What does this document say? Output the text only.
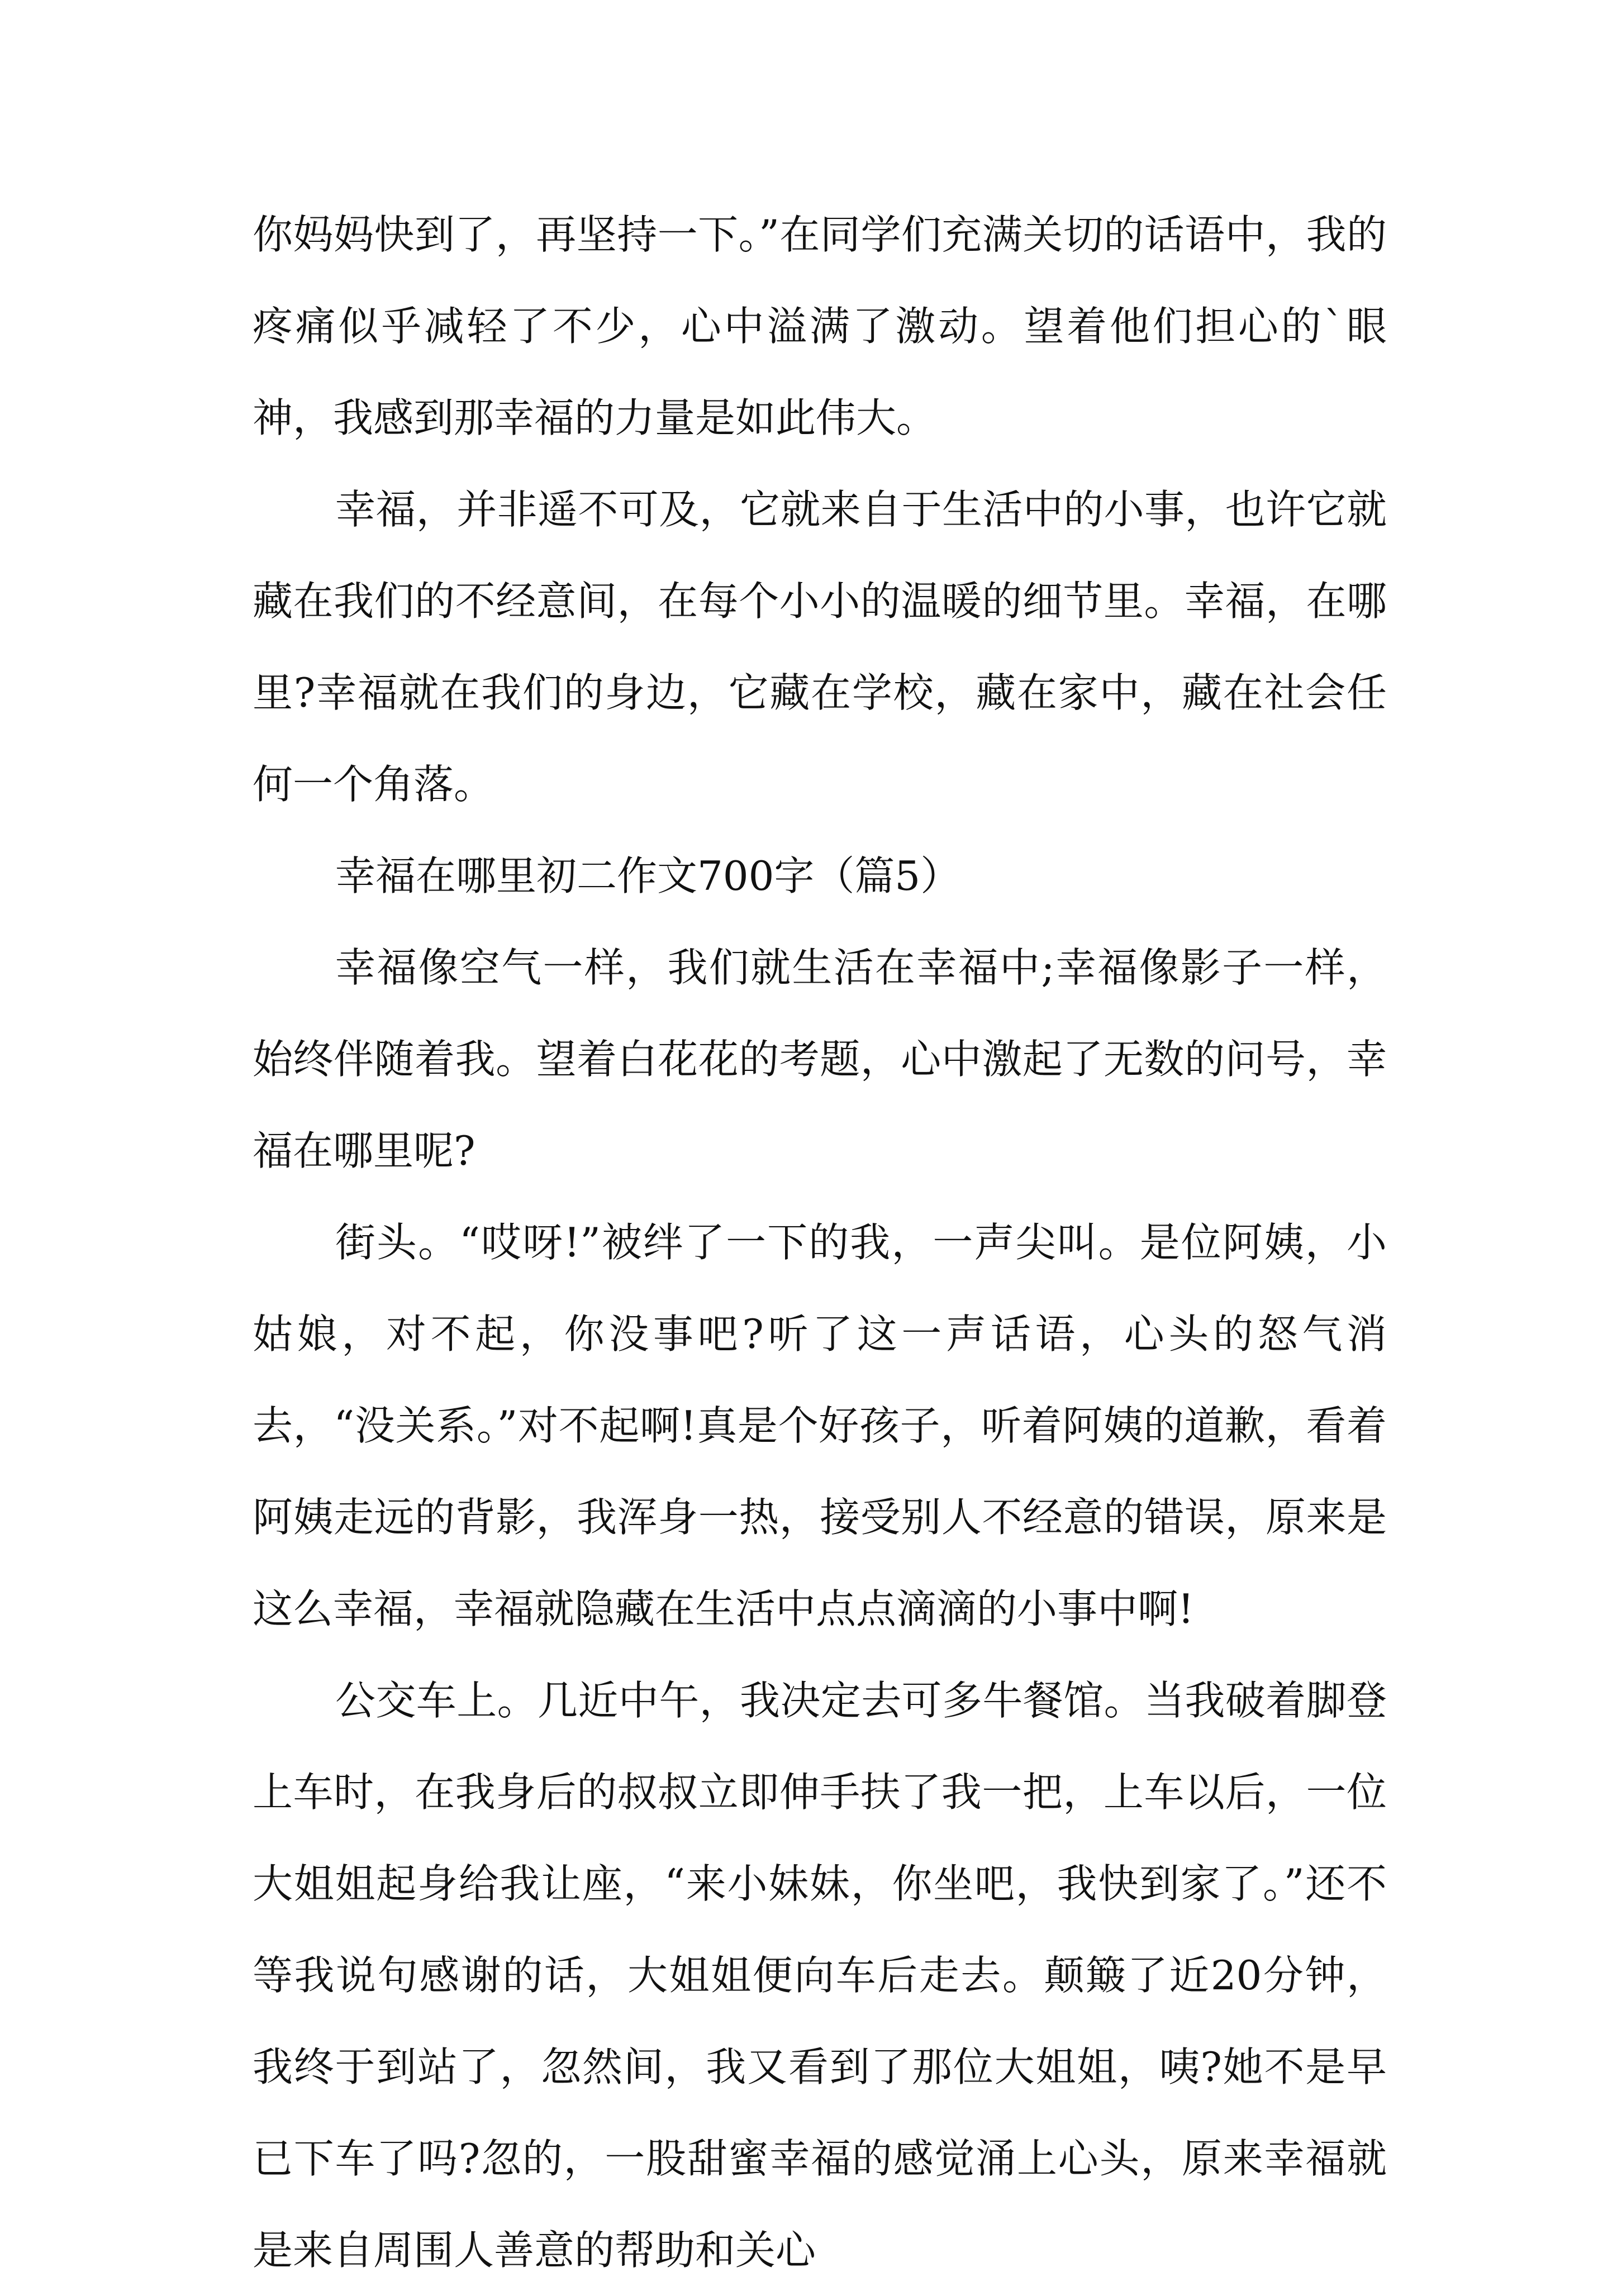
你妈妈快到了，再坚持一下。”在同学们充满关切的话语中，我的疼痛似乎减轻了不少，心中溢满了激动。望着他们担心的`眼神，我感到那幸福的力量是如此伟大。

幸福，并非遥不可及，它就来自于生活中的小事，也许它就藏在我们的不经意间，在每个小小的温暖的细节里。幸福，在哪里?幸福就在我们的身边，它藏在学校，藏在家中，藏在社会任何一个角落。

幸福在哪里初二作文700字（篇5）

幸福像空气一样，我们就生活在幸福中;幸福像影子一样，始终伴随着我。望着白花花的考题，心中激起了无数的问号，幸福在哪里呢?

街头。“哎呀!”被绊了一下的我，一声尖叫。是位阿姨，小姑娘，对不起，你没事吧?听了这一声话语，心头的怒气消去，“没关系。”对不起啊!真是个好孩子，听着阿姨的道歉，看着阿姨走远的背影，我浑身一热，接受别人不经意的错误，原来是这么幸福，幸福就隐藏在生活中点点滴滴的小事中啊!

公交车上。几近中午，我决定去可多牛餐馆。当我破着脚登上车时，在我身后的叔叔立即伸手扶了我一把，上车以后，一位大姐姐起身给我让座，“来小妹妹，你坐吧，我快到家了。”还不等我说句感谢的话，大姐姐便向车后走去。颠簸了近20分钟，我终于到站了，忽然间，我又看到了那位大姐姐，咦?她不是早已下车了吗?忽的，一股甜蜜幸福的感觉涌上心头，原来幸福就是来自周围人善意的帮助和关心
